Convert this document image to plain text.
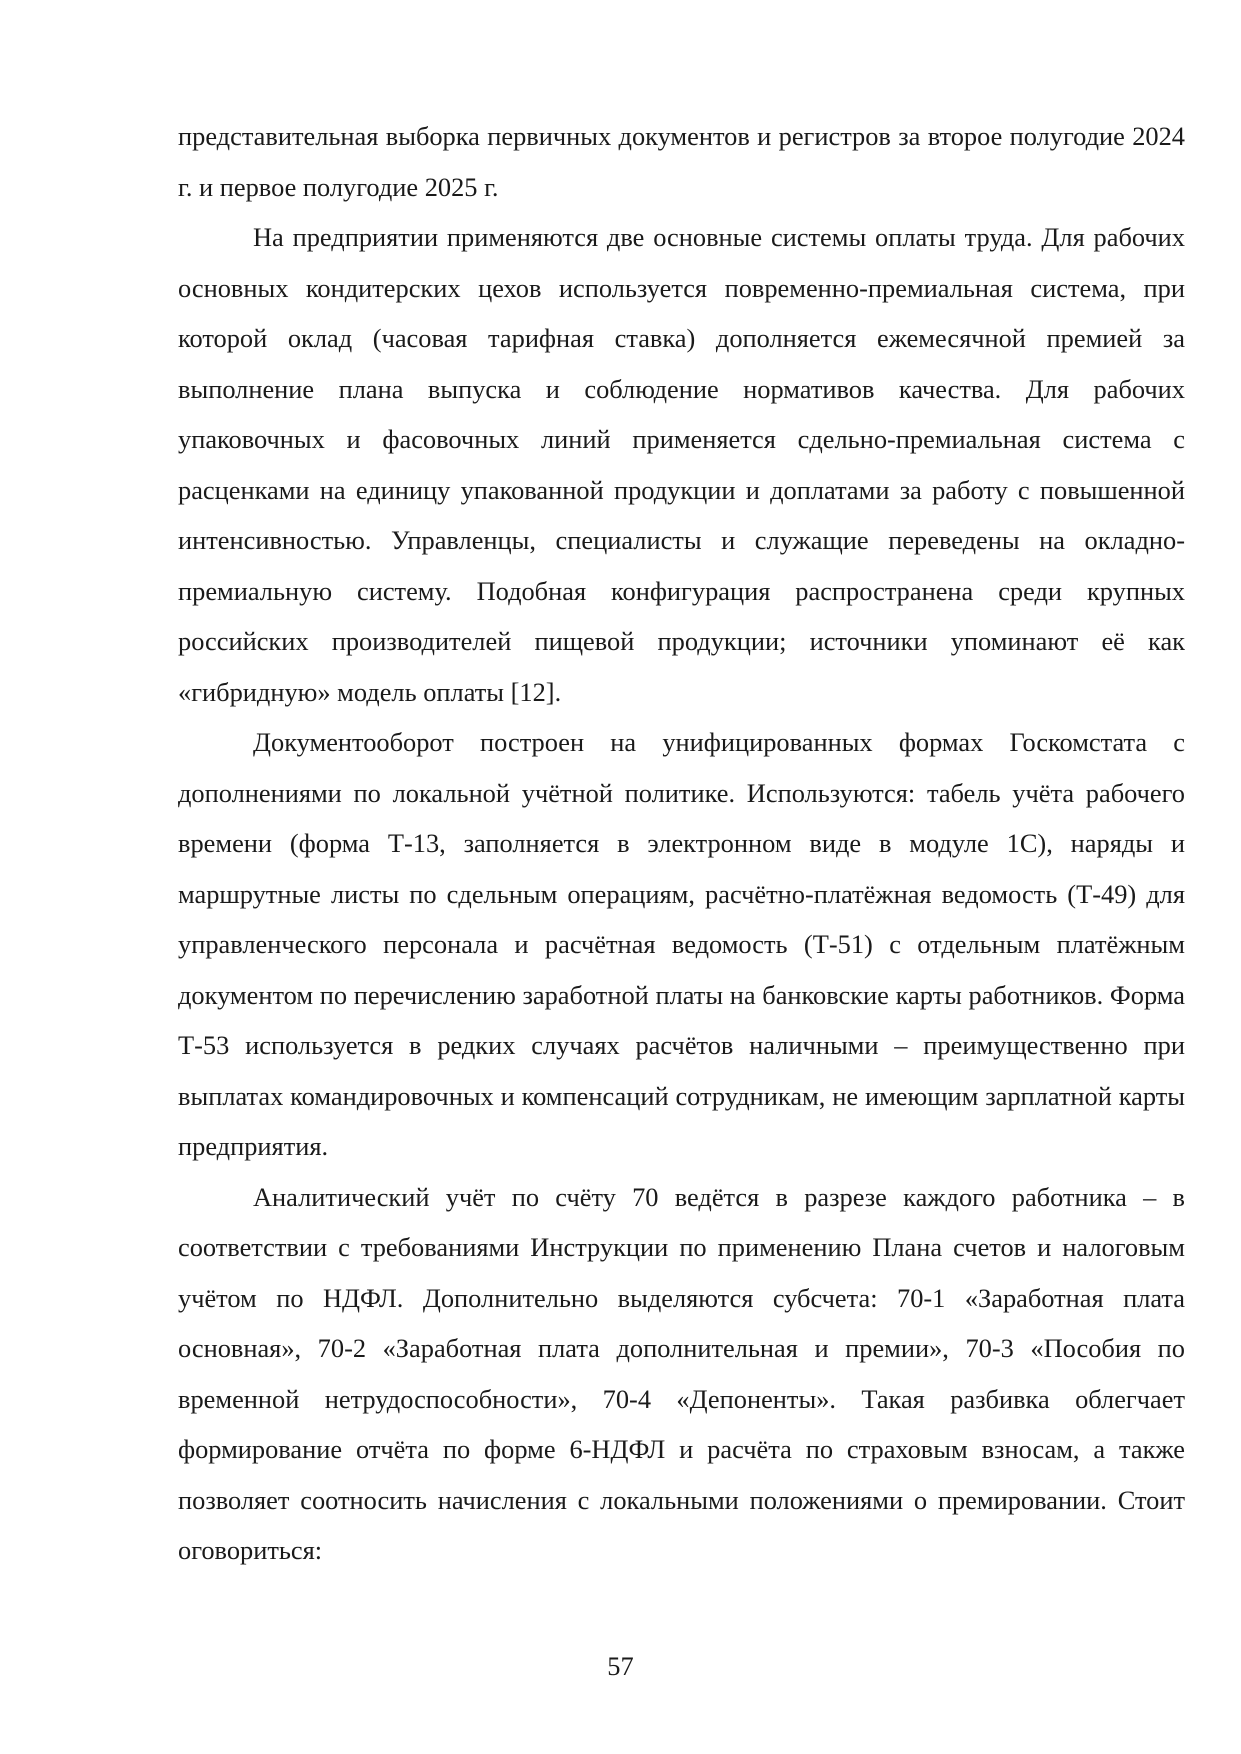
представительная выборка первичных документов и регистров за второе полугодие 2024 г. и первое полугодие 2025 г.

На предприятии применяются две основные системы оплаты труда. Для рабочих основных кондитерских цехов используется повременно-премиальная система, при которой оклад (часовая тарифная ставка) дополняется ежемесячной премией за выполнение плана выпуска и соблюдение нормативов качества. Для рабочих упаковочных и фасовочных линий применяется сдельно-премиальная система с расценками на единицу упакованной продукции и доплатами за работу с повышенной интенсивностью. Управленцы, специалисты и служащие переведены на окладно-премиальную систему. Подобная конфигурация распространена среди крупных российских производителей пищевой продукции; источники упоминают её как «гибридную» модель оплаты [12].

Документооборот построен на унифицированных формах Госкомстата с дополнениями по локальной учётной политике. Используются: табель учёта рабочего времени (форма Т-13, заполняется в электронном виде в модуле 1С), наряды и маршрутные листы по сдельным операциям, расчётно-платёжная ведомость (Т-49) для управленческого персонала и расчётная ведомость (Т-51) с отдельным платёжным документом по перечислению заработной платы на банковские карты работников. Форма Т-53 используется в редких случаях расчётов наличными – преимущественно при выплатах командировочных и компенсаций сотрудникам, не имеющим зарплатной карты предприятия.

Аналитический учёт по счёту 70 ведётся в разрезе каждого работника – в соответствии с требованиями Инструкции по применению Плана счетов и налоговым учётом по НДФЛ. Дополнительно выделяются субсчета: 70-1 «Заработная плата основная», 70-2 «Заработная плата дополнительная и премии», 70-3 «Пособия по временной нетрудоспособности», 70-4 «Депоненты». Такая разбивка облегчает формирование отчёта по форме 6-НДФЛ и расчёта по страховым взносам, а также позволяет соотносить начисления с локальными положениями о премировании. Стоит оговориться:

57
